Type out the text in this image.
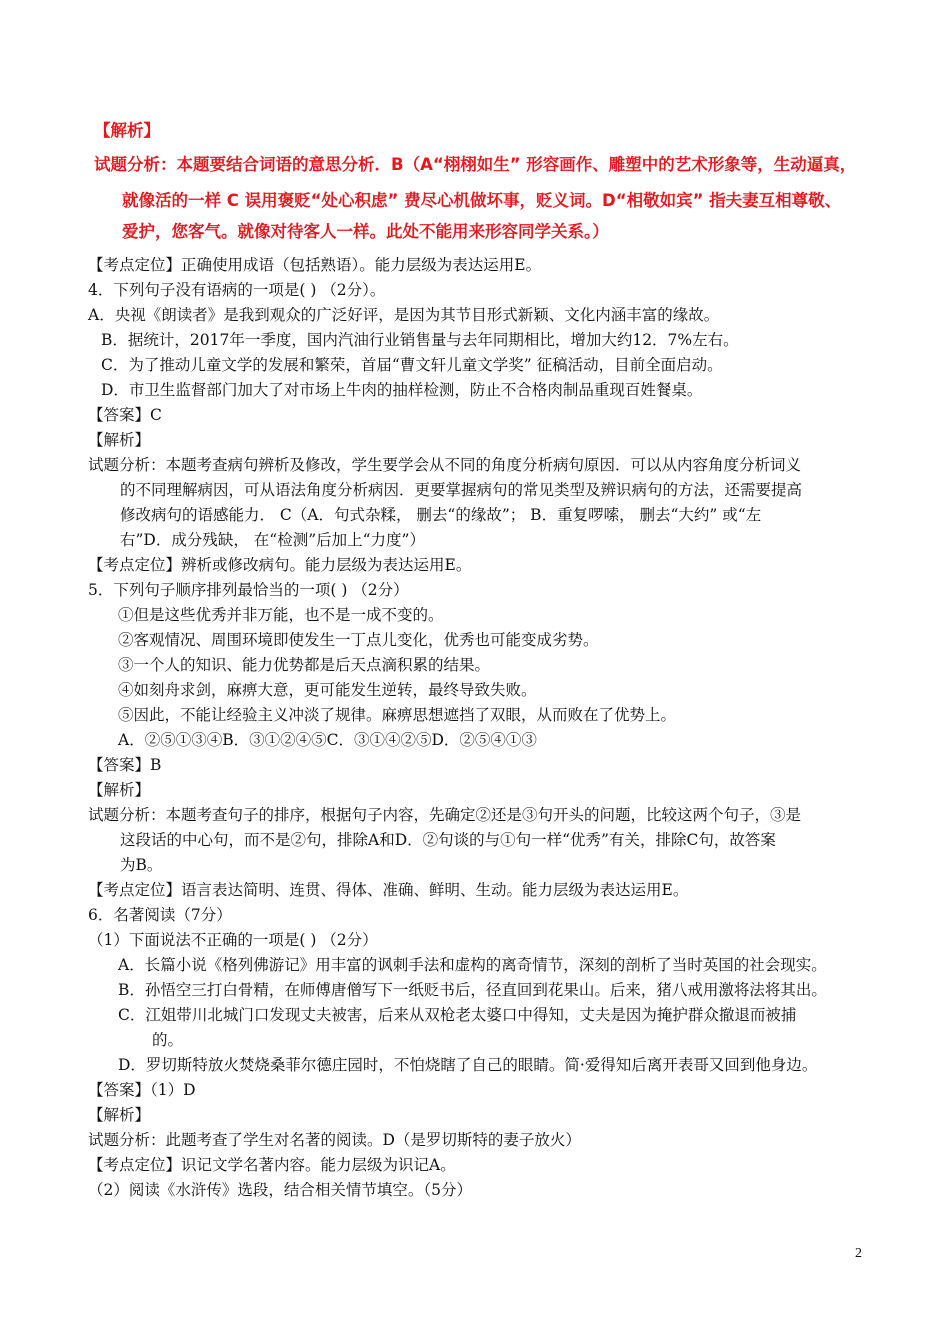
【解析】
试题分析：本题要结合词语的意思分析．B（A“栩栩如生” 形容画作、雕塑中的艺术形象等，生动逼真，
就像活的一样 C 误用褒贬“处心积虑” 费尽心机做坏事，贬义词。D“相敬如宾” 指夫妻互相尊敬、
爱护，您客气。就像对待客人一样。此处不能用来形容同学关系。）
【考点定位】正确使用成语（包括熟语）。能力层级为表达运用E。
4．下列句子没有语病的一项是( ) （2分）。
A．央视《朗读者》是我到观众的广泛好评，是因为其节目形式新颖、文化内涵丰富的缘故。
B．据统计，2017年一季度，国内汽油行业销售量与去年同期相比，增加大约12．7%左右。
C．为了推动儿童文学的发展和繁荣，首届“曹文轩儿童文学奖” 征稿活动，目前全面启动。
D．市卫生监督部门加大了对市场上牛肉的抽样检测，防止不合格肉制品重现百姓餐桌。
【答案】C
【解析】
试题分析：本题考查病句辨析及修改，学生要学会从不同的角度分析病句原因．可以从内容角度分析词义
的不同理解病因，可从语法角度分析病因．更要掌握病句的常见类型及辨识病句的方法，还需要提高
修改病句的语感能力． C（A．句式杂糅， 删去“的缘故”； B．重复啰嗦， 删去“大约” 或“左
右”D．成分残缺， 在“检测”后加上“力度”）
【考点定位】辨析或修改病句。能力层级为表达运用E。
5．下列句子顺序排列最恰当的一项( ) （2分）
①但是这些优秀并非万能，也不是一成不变的。
②客观情况、周围环境即使发生一丁点儿变化，优秀也可能变成劣势。
③一个人的知识、能力优势都是后天点滴积累的结果。
④如刻舟求剑，麻痹大意，更可能发生逆转，最终导致失败。
⑤因此，不能让经验主义冲淡了规律。麻痹思想遮挡了双眼，从而败在了优势上。
A．②⑤①③④B．③①②④⑤C．③①④②⑤D．②⑤④①③
【答案】B
【解析】
试题分析：本题考查句子的排序，根据句子内容，先确定②还是③句开头的问题，比较这两个句子，③是
这段话的中心句，而不是②句，排除A和D．②句谈的与①句一样“优秀”有关，排除C句，故答案
为B。
【考点定位】语言表达简明、连贯、得体、准确、鲜明、生动。能力层级为表达运用E。
6．名著阅读（7分）
（1）下面说法不正确的一项是( ) （2分）
A．长篇小说《格列佛游记》用丰富的讽刺手法和虚构的离奇情节，深刻的剖析了当时英国的社会现实。
B．孙悟空三打白骨精，在师傅唐僧写下一纸贬书后，径直回到花果山。后来，猪八戒用激将法将其出。
C．江姐带川北城门口发现丈夫被害，后来从双枪老太婆口中得知，丈夫是因为掩护群众撤退而被捕
的。
D．罗切斯特放火焚烧桑菲尔德庄园时，不怕烧瞎了自己的眼睛。简·爱得知后离开表哥又回到他身边。
【答案】（1）D
【解析】
试题分析：此题考查了学生对名著的阅读。D（是罗切斯特的妻子放火）
【考点定位】识记文学名著内容。能力层级为识记A。
（2）阅读《水浒传》选段，结合相关情节填空。（5分）
2
